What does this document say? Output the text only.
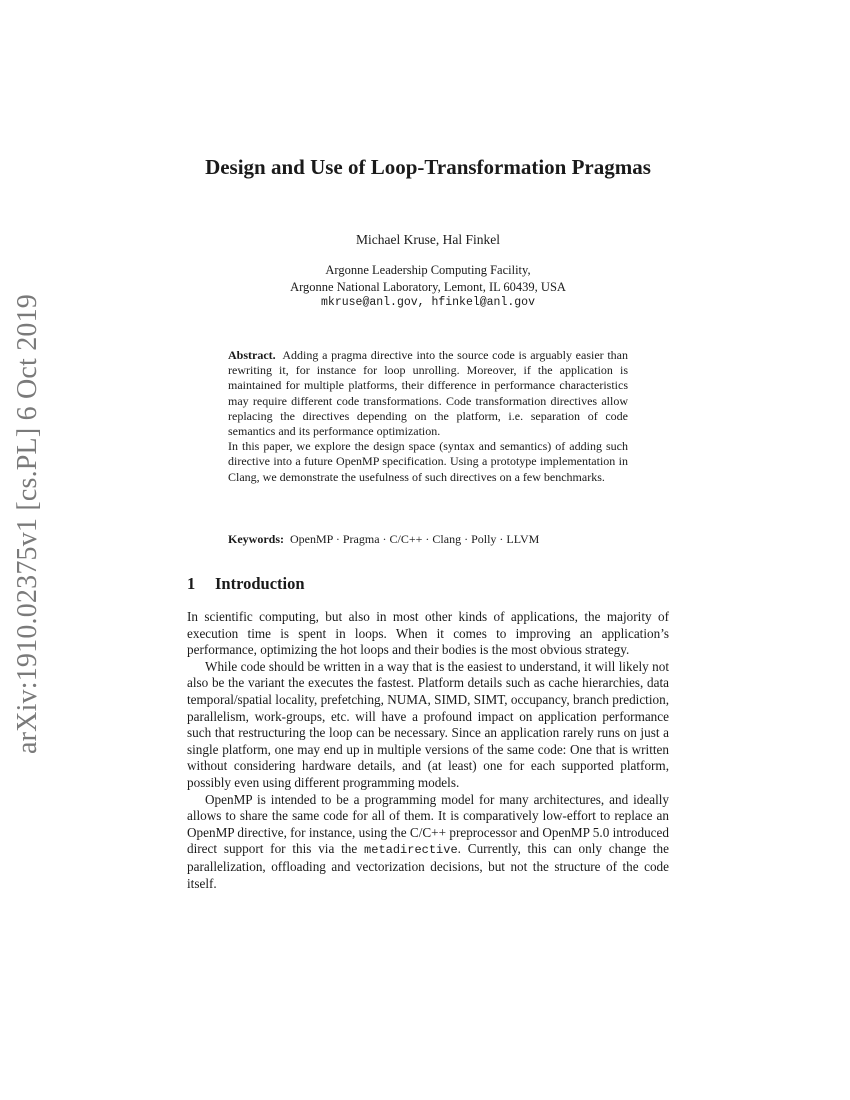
arXiv:1910.02375v1 [cs.PL] 6 Oct 2019
Design and Use of Loop-Transformation Pragmas
Michael Kruse, Hal Finkel
Argonne Leadership Computing Facility,
Argonne National Laboratory, Lemont, IL 60439, USA
mkruse@anl.gov, hfinkel@anl.gov

Abstract. Adding a pragma directive into the source code is arguably easier than rewriting it, for instance for loop unrolling. Moreover, if the application is maintained for multiple platforms, their difference in performance characteristics may require different code transformations. Code transformation directives allow replacing the directives depending on the platform, i.e. separation of code semantics and its performance optimization.

In this paper, we explore the design space (syntax and semantics) of adding such directive into a future OpenMP specification. Using a prototype implementation in Clang, we demonstrate the usefulness of such directives on a few benchmarks.

Keywords: OpenMP · Pragma · C/C++ · Clang · Polly · LLVM
1 Introduction

In scientific computing, but also in most other kinds of applications, the majority of execution time is spent in loops. When it comes to improving an application’s performance, optimizing the hot loops and their bodies is the most obvious strategy.

While code should be written in a way that is the easiest to understand, it will likely not also be the variant the executes the fastest. Platform details such as cache hierarchies, data temporal/spatial locality, prefetching, NUMA, SIMD, SIMT, occupancy, branch prediction, parallelism, work-groups, etc. will have a profound impact on application performance such that restructuring the loop can be necessary. Since an application rarely runs on just a single platform, one may end up in multiple versions of the same code: One that is written without considering hardware details, and (at least) one for each supported platform, possibly even using different programming models.

OpenMP is intended to be a programming model for many architectures, and ideally allows to share the same code for all of them. It is comparatively low-effort to replace an OpenMP directive, for instance, using the C/C++ preprocessor and OpenMP 5.0 introduced direct support for this via the metadirective. Currently, this can only change the parallelization, offloading and vectorization decisions, but not the structure of the code itself.
